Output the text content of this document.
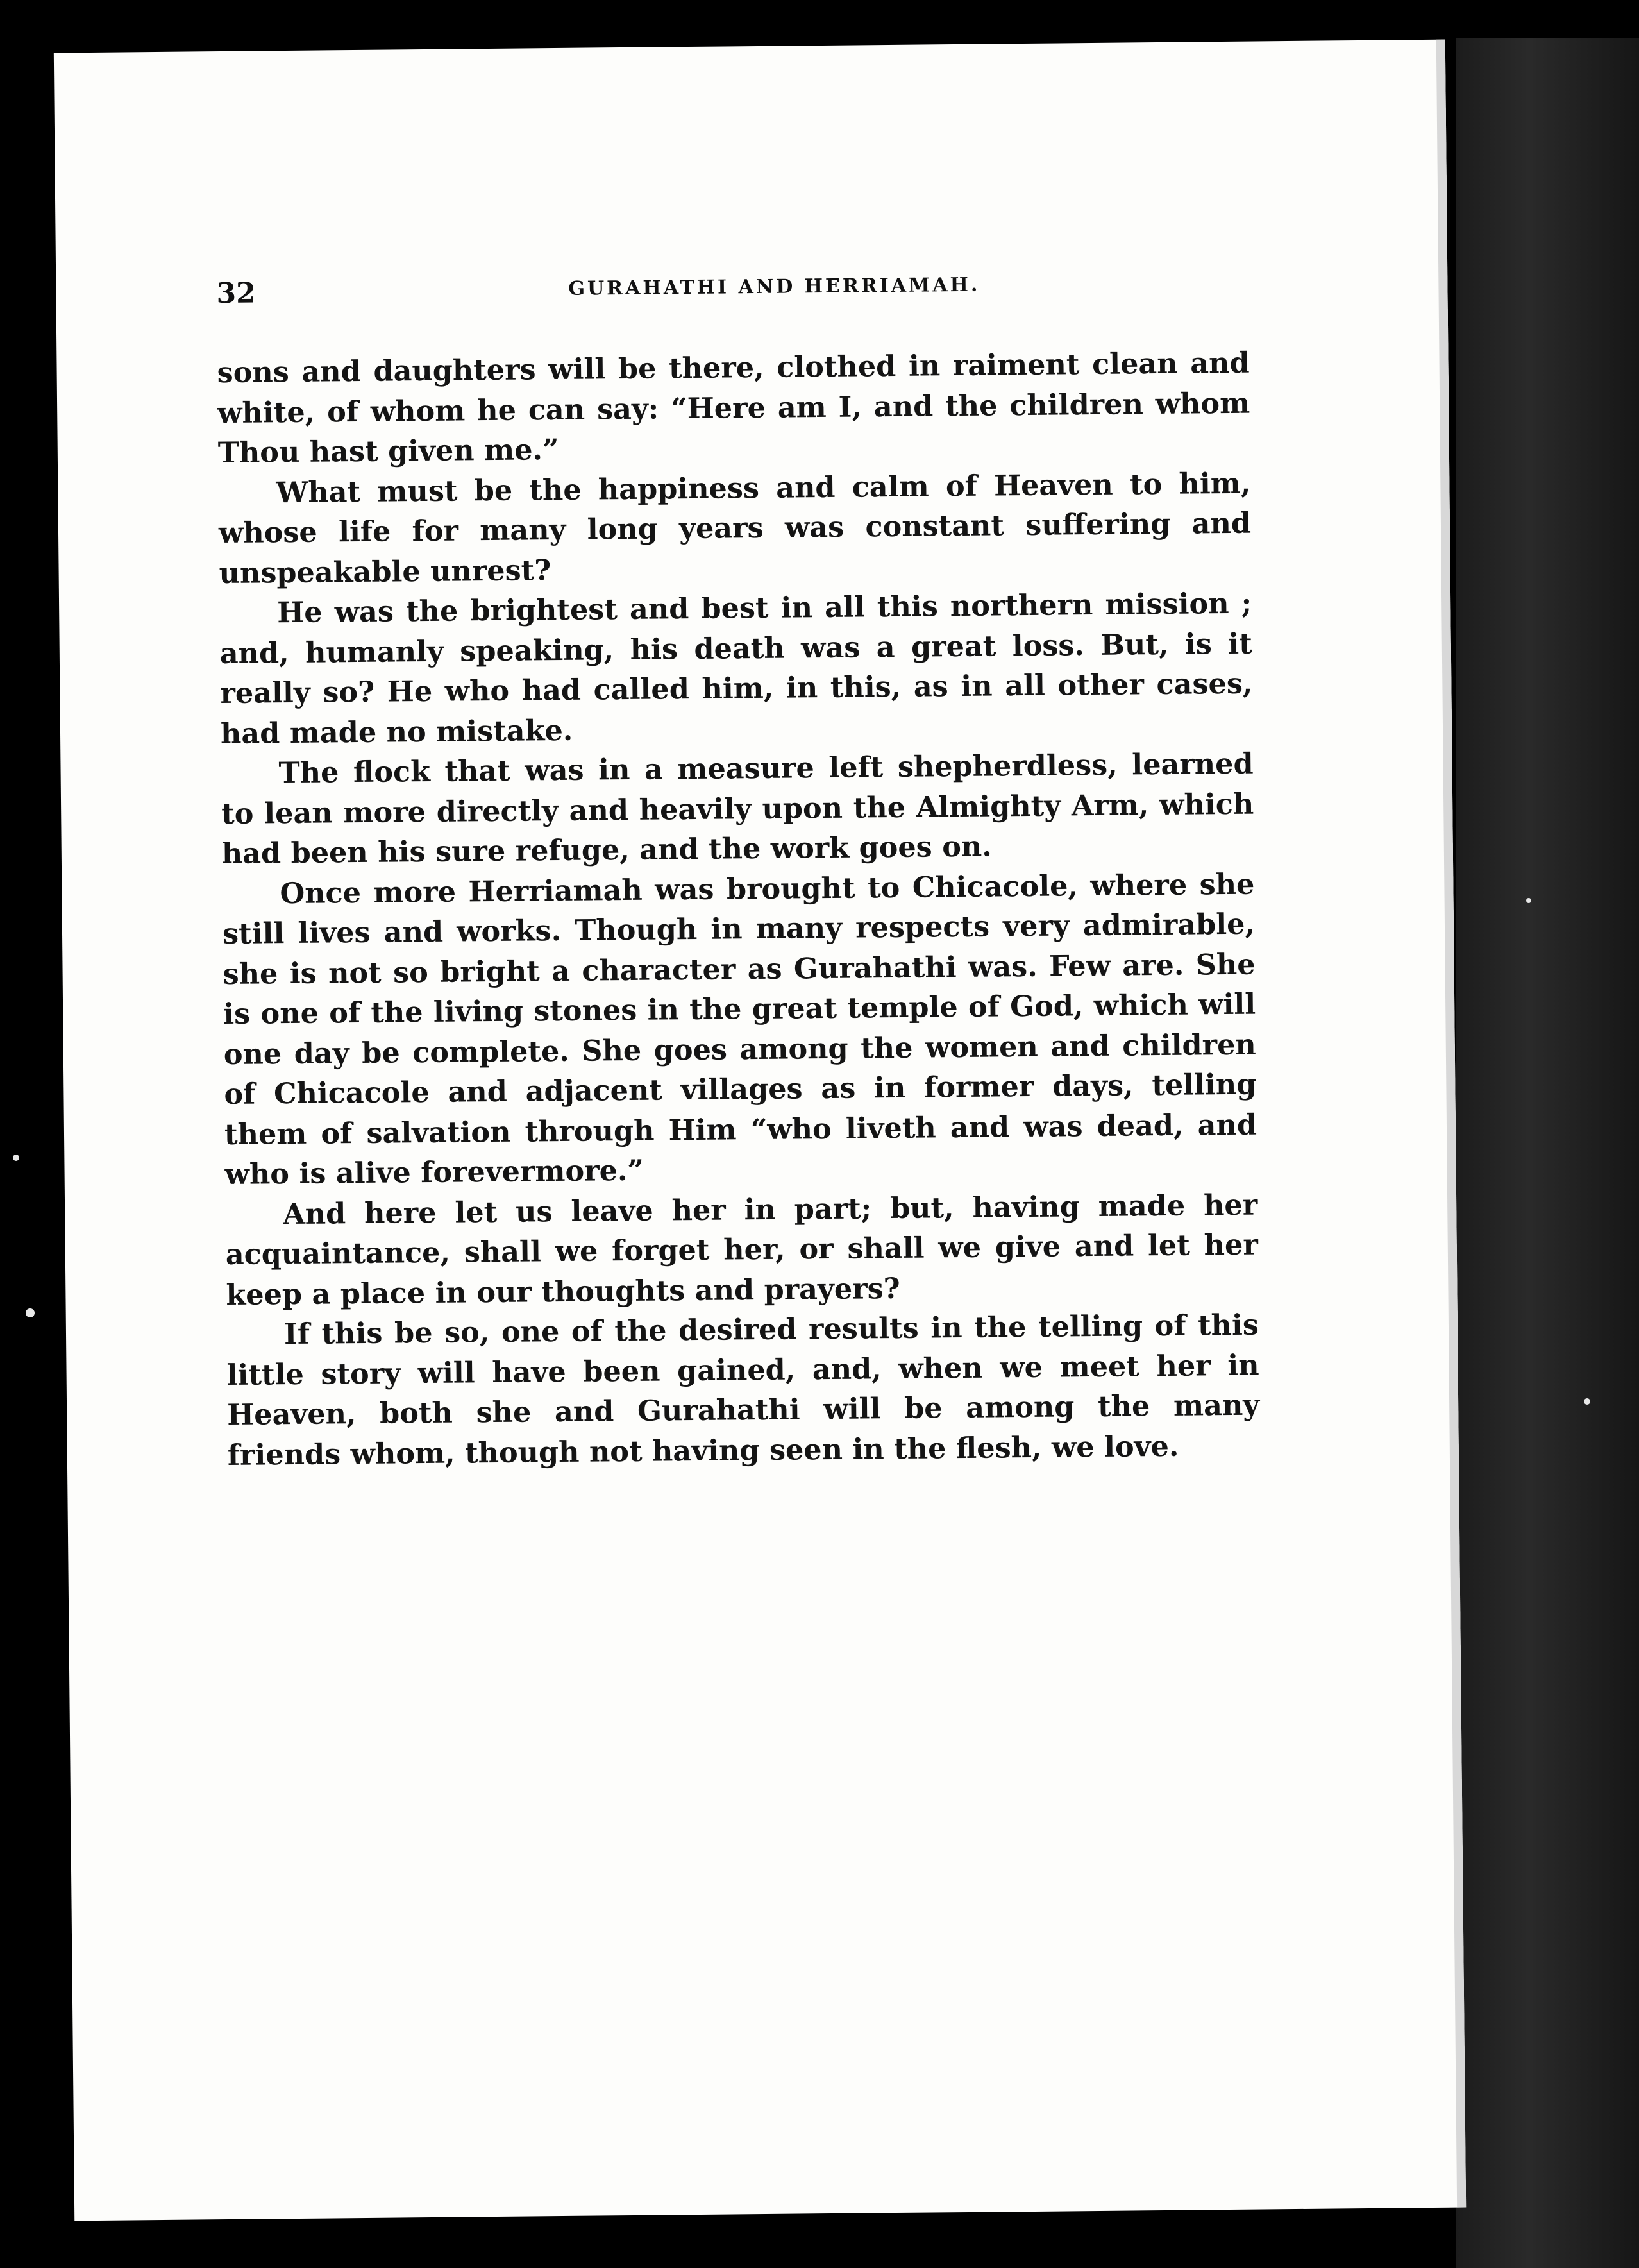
32	GURAHATHI AND HERRIAMAH.

sons and daughters will be there, clothed in raiment clean and white, of whom he can say: “Here am I, and the children whom Thou hast given me.”

What must be the happiness and calm of Heaven to him, whose life for many long years was constant suffering and unspeakable unrest?

He was the brightest and best in all this northern mission ; and, humanly speaking, his death was a great loss. But, is it really so? He who had called him, in this, as in all other cases, had made no mistake.

The flock that was in a measure left shepherdless, learned to lean more directly and heavily upon the Almighty Arm, which had been his sure refuge, and the work goes on.

Once more Herriamah was brought to Chicacole, where she still lives and works. Though in many respects very admirable, she is not so bright a character as Gurahathi was. Few are. She is one of the living stones in the great temple of God, which will one day be complete. She goes among the women and children of Chicacole and adjacent villages as in former days, telling them of salvation through Him “who liveth and was dead, and who is alive forevermore.”

And here let us leave her in part; but, having made her acquaintance, shall we forget her, or shall we give and let her keep a place in our thoughts and prayers?

If this be so, one of the desired results in the telling of this little story will have been gained, and, when we meet her in Heaven, both she and Gurahathi will be among the many friends whom, though not having seen in the flesh, we love.
